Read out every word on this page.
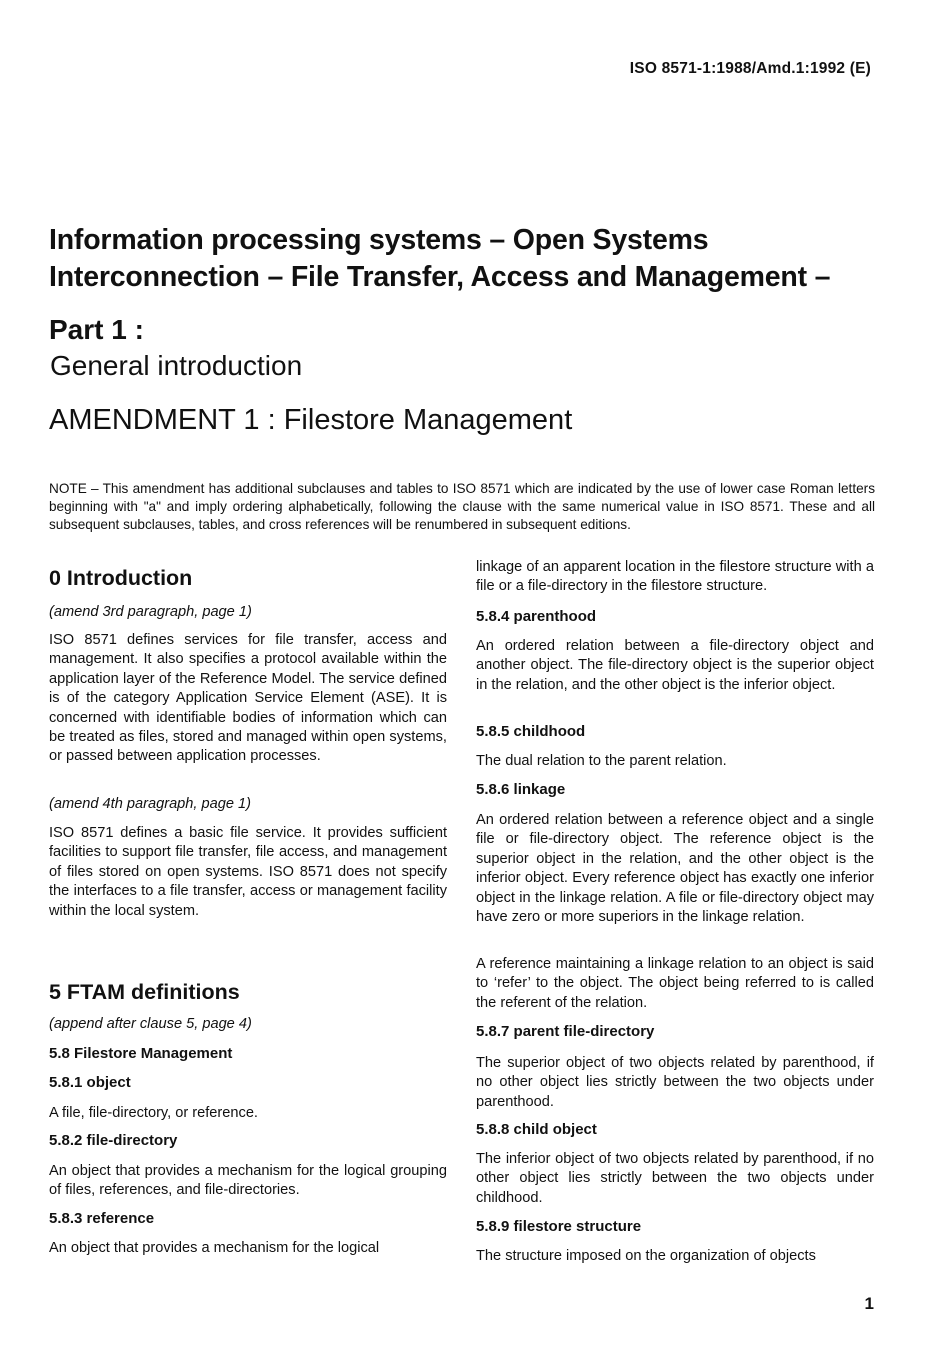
ISO 8571-1:1988/Amd.1:1992 (E)
Information processing systems – Open Systems
Interconnection – File Transfer, Access and Management –
Part 1 :
General introduction
AMENDMENT 1 : Filestore Management
NOTE – This amendment has additional subclauses and tables to ISO 8571 which are indicated by the use of lower case Roman letters beginning with "a" and imply ordering alphabetically, following the clause with the same numerical value in ISO 8571. These and all subsequent subclauses, tables, and cross references will be renumbered in subsequent editions.
0 Introduction
(amend 3rd paragraph, page 1)
ISO 8571 defines services for file transfer, access and management. It also specifies a protocol available within the application layer of the Reference Model. The service defined is of the category Application Service Element (ASE). It is concerned with identifiable bodies of information which can be treated as files, stored and managed within open systems, or passed between application processes.
(amend 4th paragraph, page 1)
ISO 8571 defines a basic file service. It provides sufficient facilities to support file transfer, file access, and management of files stored on open systems. ISO 8571 does not specify the interfaces to a file transfer, access or management facility within the local system.
5 FTAM definitions
(append after clause 5, page 4)
5.8 Filestore Management
5.8.1 object
A file, file-directory, or reference.
5.8.2 file-directory
An object that provides a mechanism for the logical grouping of files, references, and file-directories.
5.8.3 reference
An object that provides a mechanism for the logical
linkage of an apparent location in the filestore structure with a file or a file-directory in the filestore structure.
5.8.4 parenthood
An ordered relation between a file-directory object and another object. The file-directory object is the superior object in the relation, and the other object is the inferior object.
5.8.5 childhood
The dual relation to the parent relation.
5.8.6 linkage
An ordered relation between a reference object and a single file or file-directory object. The reference object is the superior object in the relation, and the other object is the inferior object. Every reference object has exactly one inferior object in the linkage relation. A file or file-directory object may have zero or more superiors in the linkage relation.
A reference maintaining a linkage relation to an object is said to ‘refer’ to the object. The object being referred to is called the referent of the relation.
5.8.7 parent file-directory
The superior object of two objects related by parenthood, if no other object lies strictly between the two objects under parenthood.
5.8.8 child object
The inferior object of two objects related by parenthood, if no other object lies strictly between the two objects under childhood.
5.8.9 filestore structure
The structure imposed on the organization of objects
1
